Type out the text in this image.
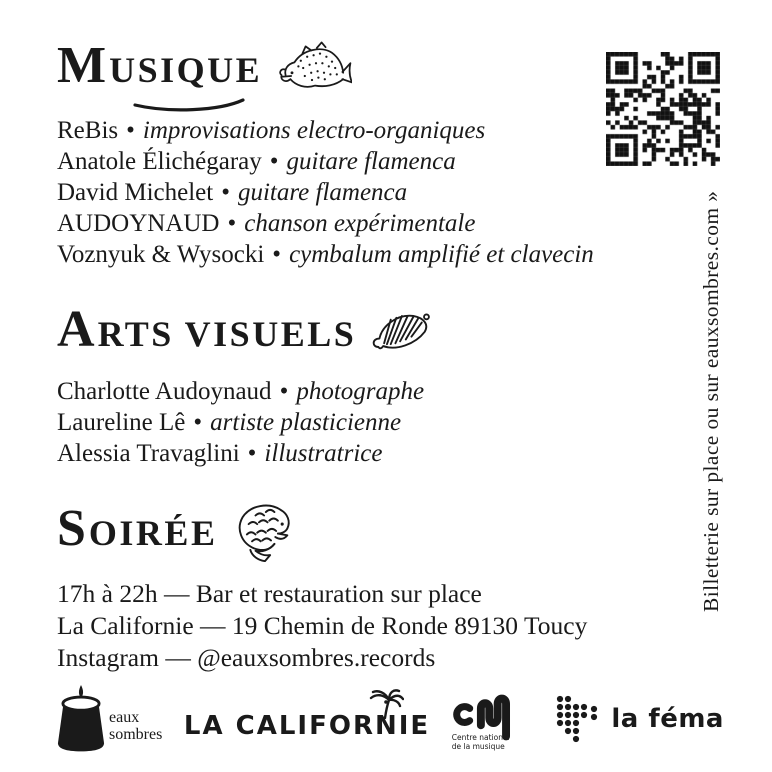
MUSIQUE

ReBis • improvisations electro-organiques

Anatole Élichégaray • guitare flamenca

David Michelet • guitare flamenca

AUDOYNAUD • chanson expérimentale

Voznyuk & Wysocki • cymbalum amplifié et clavecin

ARTS VISUELS

Charlotte Audoynaud • photographe

Laureline Lê • artiste plasticienne

Alessia Travaglini • illustratrice

SOIRÉE

17h à 22h — Bar et restauration sur place

La Californie — 19 Chemin de Ronde 89130 Toucy

Instagram — @eauxsombres.records

Billetterie sur place ou sur eauxsombres.com »
eaux
sombres LA CALIFORNIE	Centre national
de la musique
la féma
